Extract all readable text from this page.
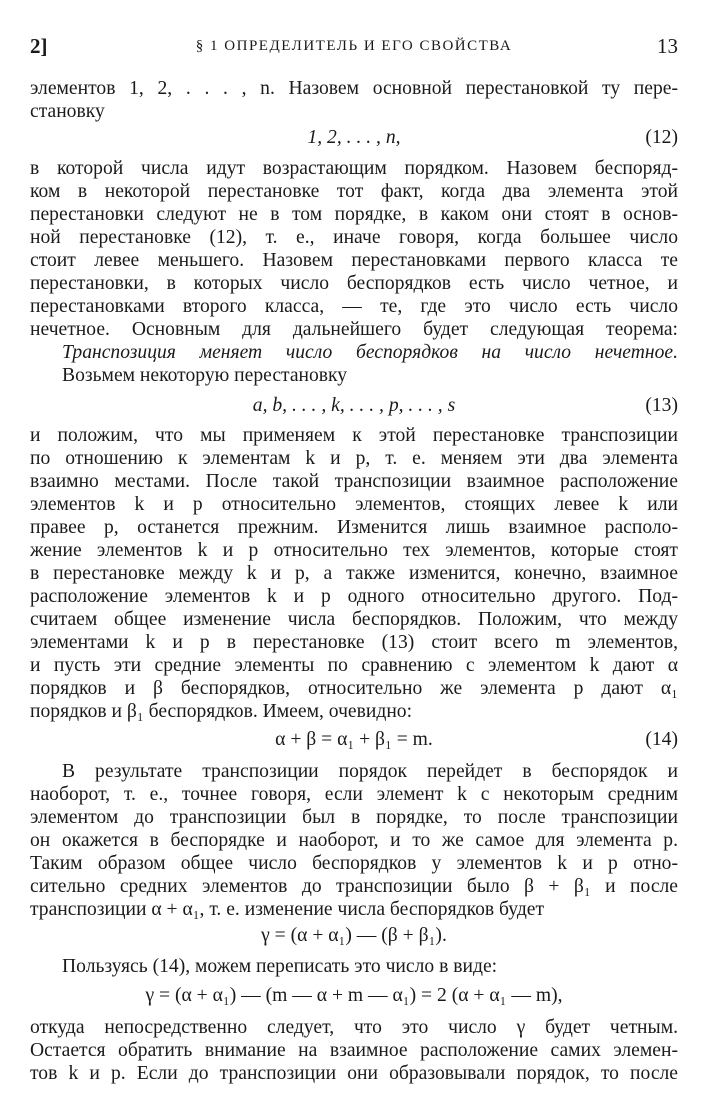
2]	§ 1 ОПРЕДЕЛИТЕЛЬ И ЕГО СВОЙСТВА	13
элементов 1, 2, . . . , n. Назовем основной перестановкой ту пере-
становку
1, 2, . . . , n,	(12)
в которой числа идут возрастающим порядком. Назовем беспоряд-
ком в некоторой перестановке тот факт, когда два элемента этой
перестановки следуют не в том порядке, в каком они стоят в основ-
ной перестановке (12), т. е., иначе говоря, когда большее число
стоит левее меньшего. Назовем перестановками первого класса те
перестановки, в которых число беспорядков есть число четное, и
перестановками второго класса, — те, где это число есть число
нечетное. Основным для дальнейшего будет следующая теорема:
Транспозиция меняет число беспорядков на число нечетное.
Возьмем некоторую перестановку
a, b, . . . , k, . . . , p, . . . , s	(13)
и положим, что мы применяем к этой перестановке транспозиции
по отношению к элементам k и p, т. е. меняем эти два элемента
взаимно местами. После такой транспозиции взаимное расположение
элементов k и p относительно элементов, стоящих левее k или
правее p, останется прежним. Изменится лишь взаимное располо-
жение элементов k и p относительно тех элементов, которые стоят
в перестановке между k и p, а также изменится, конечно, взаимное
расположение элементов k и p одного относительно другого. Под-
считаем общее изменение числа беспорядков. Положим, что между
элементами k и p в перестановке (13) стоит всего m элементов,
и пусть эти средние элементы по сравнению с элементом k дают α
порядков и β беспорядков, относительно же элемента p дают α₁
порядков и β₁ беспорядков. Имеем, очевидно:
α + β = α₁ + β₁ = m.	(14)
В результате транспозиции порядок перейдет в беспорядок и
наоборот, т. е., точнее говоря, если элемент k с некоторым средним
элементом до транспозиции был в порядке, то после транспозиции
он окажется в беспорядке и наоборот, и то же самое для элемента p.
Таким образом общее число беспорядков у элементов k и p отно-
сительно средних элементов до транспозиции было β + β₁ и после
транспозиции α + α₁, т. е. изменение числа беспорядков будет
γ = (α + α₁) — (β + β₁).
Пользуясь (14), можем переписать это число в виде:
γ = (α + α₁) — (m — α + m — α₁) = 2 (α + α₁ — m),
откуда непосредственно следует, что это число γ будет четным.
Остается обратить внимание на взаимное расположение самих элемен-
тов k и p. Если до транспозиции они образовывали порядок, то после
